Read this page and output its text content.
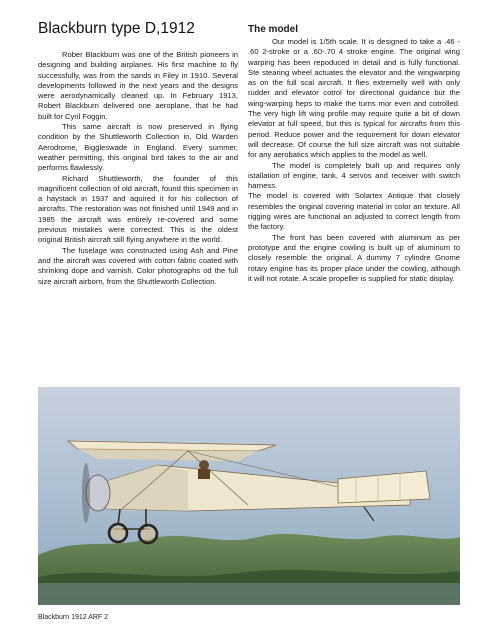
Blackburn type D,1912

Rober Blackburn was one of the British pioneers in designing and building airplanes. His first machine to fly successfully, was from the sands in Filey in 1910. Several developments followed in the next years and the designs were aerodynamically cleaned up. In February 1913, Robert Blackburn delivered one aeroplane, that he had built for Cyril Foggin.

This same aircraft is now preserved in flying condition by the Shuttleworth Collection in, Old Warden Aerodrome, Biggleswade in England. Every summer, weather permitting, this original bird takes to the air and performs flawlessly.

Richard Shuttleworth, the founder of this magnificent collection of old aircraft, found this specimen in a haystack in 1937 and aquired it for his collection of aircrafts. The restoration was not finished until 1949 and in 1985 the aircraft was entirely re-covered and some previous mistakes were corrected. This is the oldest original British aircraft still flying anywhere in the world.

The fuselage was constructed using Ash and Pine and the aircraft was covered with cotton fabric coated with shrinking dope and varnish. Color photographs od the full size aircraft airborn, from the Shuttleworth Collection.

The model

Our model is 1/5th scale. It is designed to take a .46 - .60 2-stroke or a .60-.70 4 stroke engine. The original wing warping has been repoduced in detail and is fully functional. Ste stearing wheel actuates the elevator and the wingwarping as on the full scal aircraft. It flies extremelly well with only rudder and elevator cotrol for directional guidance but the wing-warping heps to make the turns mor even and cotrolled. The very high lift wing profile may require quite a bit of down elevator at full speed, but this is typical for aircrafts from this period. Reduce power and the requirement for down elevator will decrease. Of course the full size aircraft was not suitable for any aerobatics which applies to the model as well.

The model is completely built up and requires only istallation of engine, tank, 4 servos and receiver with switch harness.

The model is covered with Solartex Antique that closely resembles the original covering material in color an texture. All rigging wires are functional an adjusted to correct length from the factory.

The front has been covered with aluminum as per prototype and the engine cowling is built up of aluminum to closely resemble the original. A dummy 7 cylindre Gnome rotary engine has its proper place under the cowling, although it will not rotate. A scale propeller is supplied for static display.

Blackburn 1912 ARF 2
